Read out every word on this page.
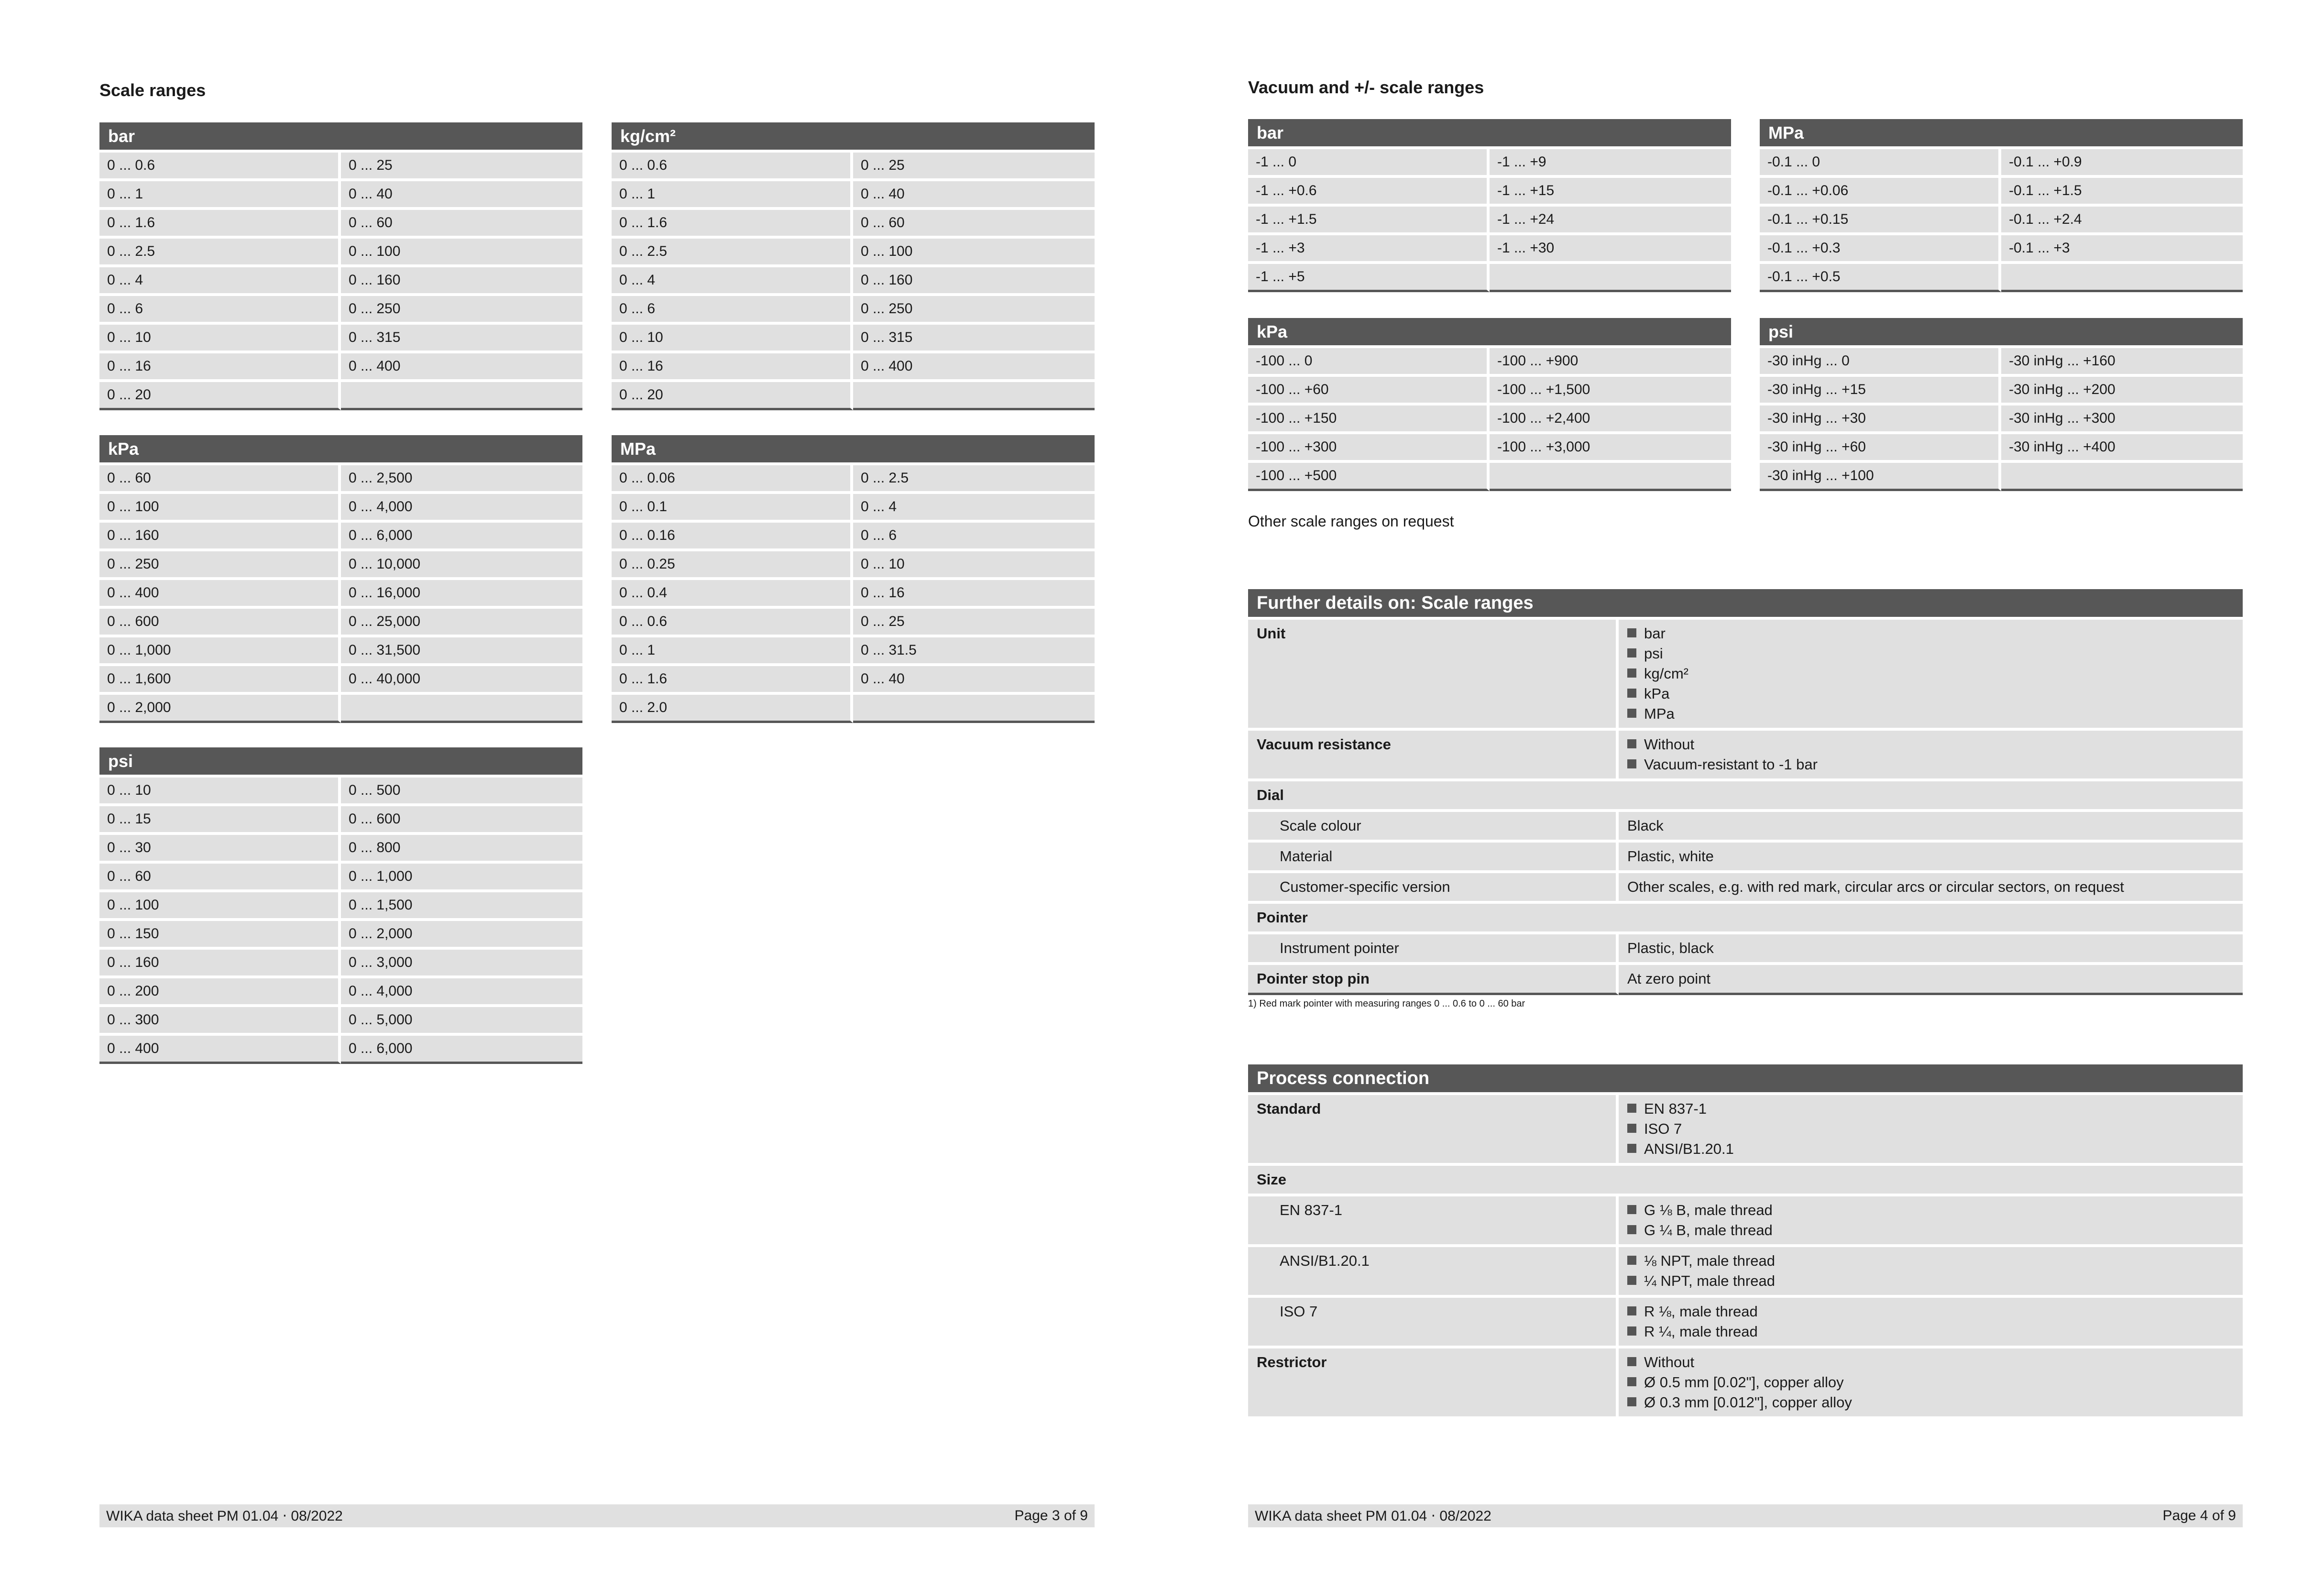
Scale ranges
bar	
0 ... 0.6	0 ... 25
0 ... 1	0 ... 40
0 ... 1.6	0 ... 60
0 ... 2.5	0 ... 100
0 ... 4	0 ... 160
0 ... 6	0 ... 250
0 ... 10	0 ... 315
0 ... 16	0 ... 400
0 ... 20	
kg/cm²	
0 ... 0.6	0 ... 25
0 ... 1	0 ... 40
0 ... 1.6	0 ... 60
0 ... 2.5	0 ... 100
0 ... 4	0 ... 160
0 ... 6	0 ... 250
0 ... 10	0 ... 315
0 ... 16	0 ... 400
0 ... 20	
kPa	
0 ... 60	0 ... 2,500
0 ... 100	0 ... 4,000
0 ... 160	0 ... 6,000
0 ... 250	0 ... 10,000
0 ... 400	0 ... 16,000
0 ... 600	0 ... 25,000
0 ... 1,000	0 ... 31,500
0 ... 1,600	0 ... 40,000
0 ... 2,000	
MPa	
0 ... 0.06	0 ... 2.5
0 ... 0.1	0 ... 4
0 ... 0.16	0 ... 6
0 ... 0.25	0 ... 10
0 ... 0.4	0 ... 16
0 ... 0.6	0 ... 25
0 ... 1	0 ... 31.5
0 ... 1.6	0 ... 40
0 ... 2.0	
psi	
0 ... 10	0 ... 500
0 ... 15	0 ... 600
0 ... 30	0 ... 800
0 ... 60	0 ... 1,000
0 ... 100	0 ... 1,500
0 ... 150	0 ... 2,000
0 ... 160	0 ... 3,000
0 ... 200	0 ... 4,000
0 ... 300	0 ... 5,000
0 ... 400	0 ... 6,000
WIKA data sheet PM 01.04 ⋅ 08/2022	Page 3 of 9
Vacuum and +/- scale ranges
bar	
-1 ... 0	-1 ... +9
-1 ... +0.6	-1 ... +15
-1 ... +1.5	-1 ... +24
-1 ... +3	-1 ... +30
-1 ... +5	
MPa	
-0.1 ... 0	-0.1 ... +0.9
-0.1 ... +0.06	-0.1 ... +1.5
-0.1 ... +0.15	-0.1 ... +2.4
-0.1 ... +0.3	-0.1 ... +3
-0.1 ... +0.5	
kPa	
-100 ... 0	-100 ... +900
-100 ... +60	-100 ... +1,500
-100 ... +150	-100 ... +2,400
-100 ... +300	-100 ... +3,000
-100 ... +500	
psi	
-30 inHg ... 0	-30 inHg ... +160
-30 inHg ... +15	-30 inHg ... +200
-30 inHg ... +30	-30 inHg ... +300
-30 inHg ... +60	-30 inHg ... +400
-30 inHg ... +100	
Other scale ranges on request
Further details on: Scale ranges	
Unit	bar
psi
kg/cm²
kPa
MPa

Vacuum resistance	Without
Vacuum-resistant to -1 bar

Dial	
Scale colour	Black
Material	Plastic, white
Customer-specific version	Other scales, e.g. with red mark, circular arcs or circular sectors, on request
Pointer	
Instrument pointer	Plastic, black
Pointer stop pin	At zero point
1) Red mark pointer with measuring ranges 0 ... 0.6 to 0 ... 60 bar
Process connection	
Standard	EN 837-1
ISO 7
ANSI/B1.20.1

Size	
EN 837-1	G ⅛ B, male thread
G ¼ B, male thread

ANSI/B1.20.1	⅛ NPT, male thread
¼ NPT, male thread

ISO 7	R ⅛, male thread
R ¼, male thread

Restrictor	Without
Ø 0.5 mm [0.02"], copper alloy
Ø 0.3 mm [0.012"], copper alloy
WIKA data sheet PM 01.04 ⋅ 08/2022	Page 4 of 9
